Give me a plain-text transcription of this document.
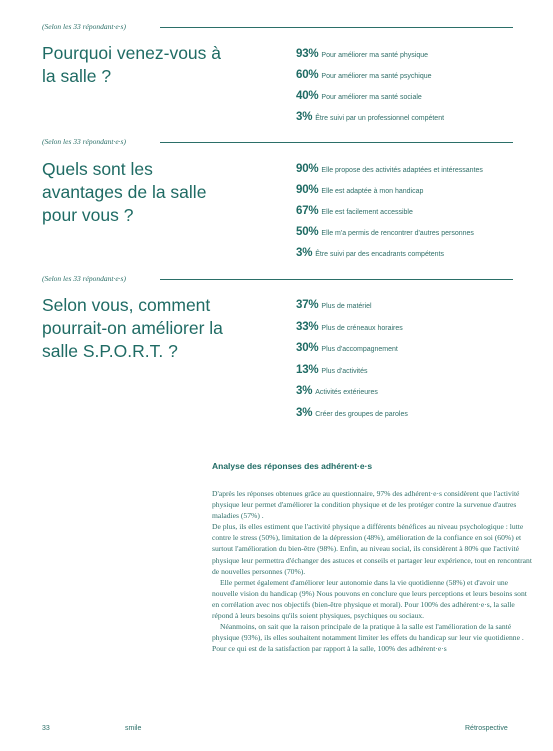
(Selon les 33 répondant·e·s)
Pourquoi venez-vous à
la salle ?
93% Pour améliorer ma santé physique
60% Pour améliorer ma santé psychique
40% Pour améliorer ma santé sociale
3% Être suivi par un professionnel compétent
(Selon les 33 répondant·e·s)
Quels sont les
avantages de la salle
pour vous ?
90% Elle propose des activités adaptées et intéressantes
90% Elle est adaptée à mon handicap
67% Elle est facilement accessible
50% Elle m'a permis de rencontrer d'autres personnes
3% Être suivi par des encadrants compétents
(Selon les 33 répondant·e·s)
Selon vous, comment
pourrait-on améliorer la
salle S.P.O.R.T. ?
37% Plus de matériel
33% Plus de créneaux horaires
30% Plus d'accompagnement
13% Plus d'activités
3% Activités extérieures
3% Créer des groupes de paroles
Analyse des réponses des adhérent·e·s

D'après les réponses obtenues grâce au questionnaire, 97% des adhérent·e·s considèrent que l'activité physique leur permet d'améliorer la condition physique et de les protéger contre la survenue d'autres maladies (57%) .

De plus, ils elles estiment que l'activité physique a différents bénéfices au niveau psychologique : lutte contre le stress (50%), limitation de la dépression (48%), amélioration de la confiance en soi (60%) et surtout l'amélioration du bien-être (98%). Enfin, au niveau social, ils considèrent à 80% que l'activité physique leur permettra d'échanger des astuces et conseils et partager leur expérience, tout en rencontrant de nouvelles personnes (70%).

Elle permet également d'améliorer leur autonomie dans la vie quotidienne (58%) et d'avoir une nouvelle vision du handicap (9%) Nous pouvons en conclure que leurs perceptions et leurs besoins sont en corrélation avec nos objectifs (bien-être physique et moral). Pour 100% des adhérent·e·s, la salle répond à leurs besoins qu'ils soient physiques, psychiques ou sociaux.

Néanmoins, on sait que la raison principale de la pratique à la salle est l'amélioration de la santé physique (93%), ils elles souhaitent notamment limiter les effets du handicap sur leur vie quotidienne .

Pour ce qui est de la satisfaction par rapport à la salle, 100% des adhérent·e·s

33	smile	Rétrospective
